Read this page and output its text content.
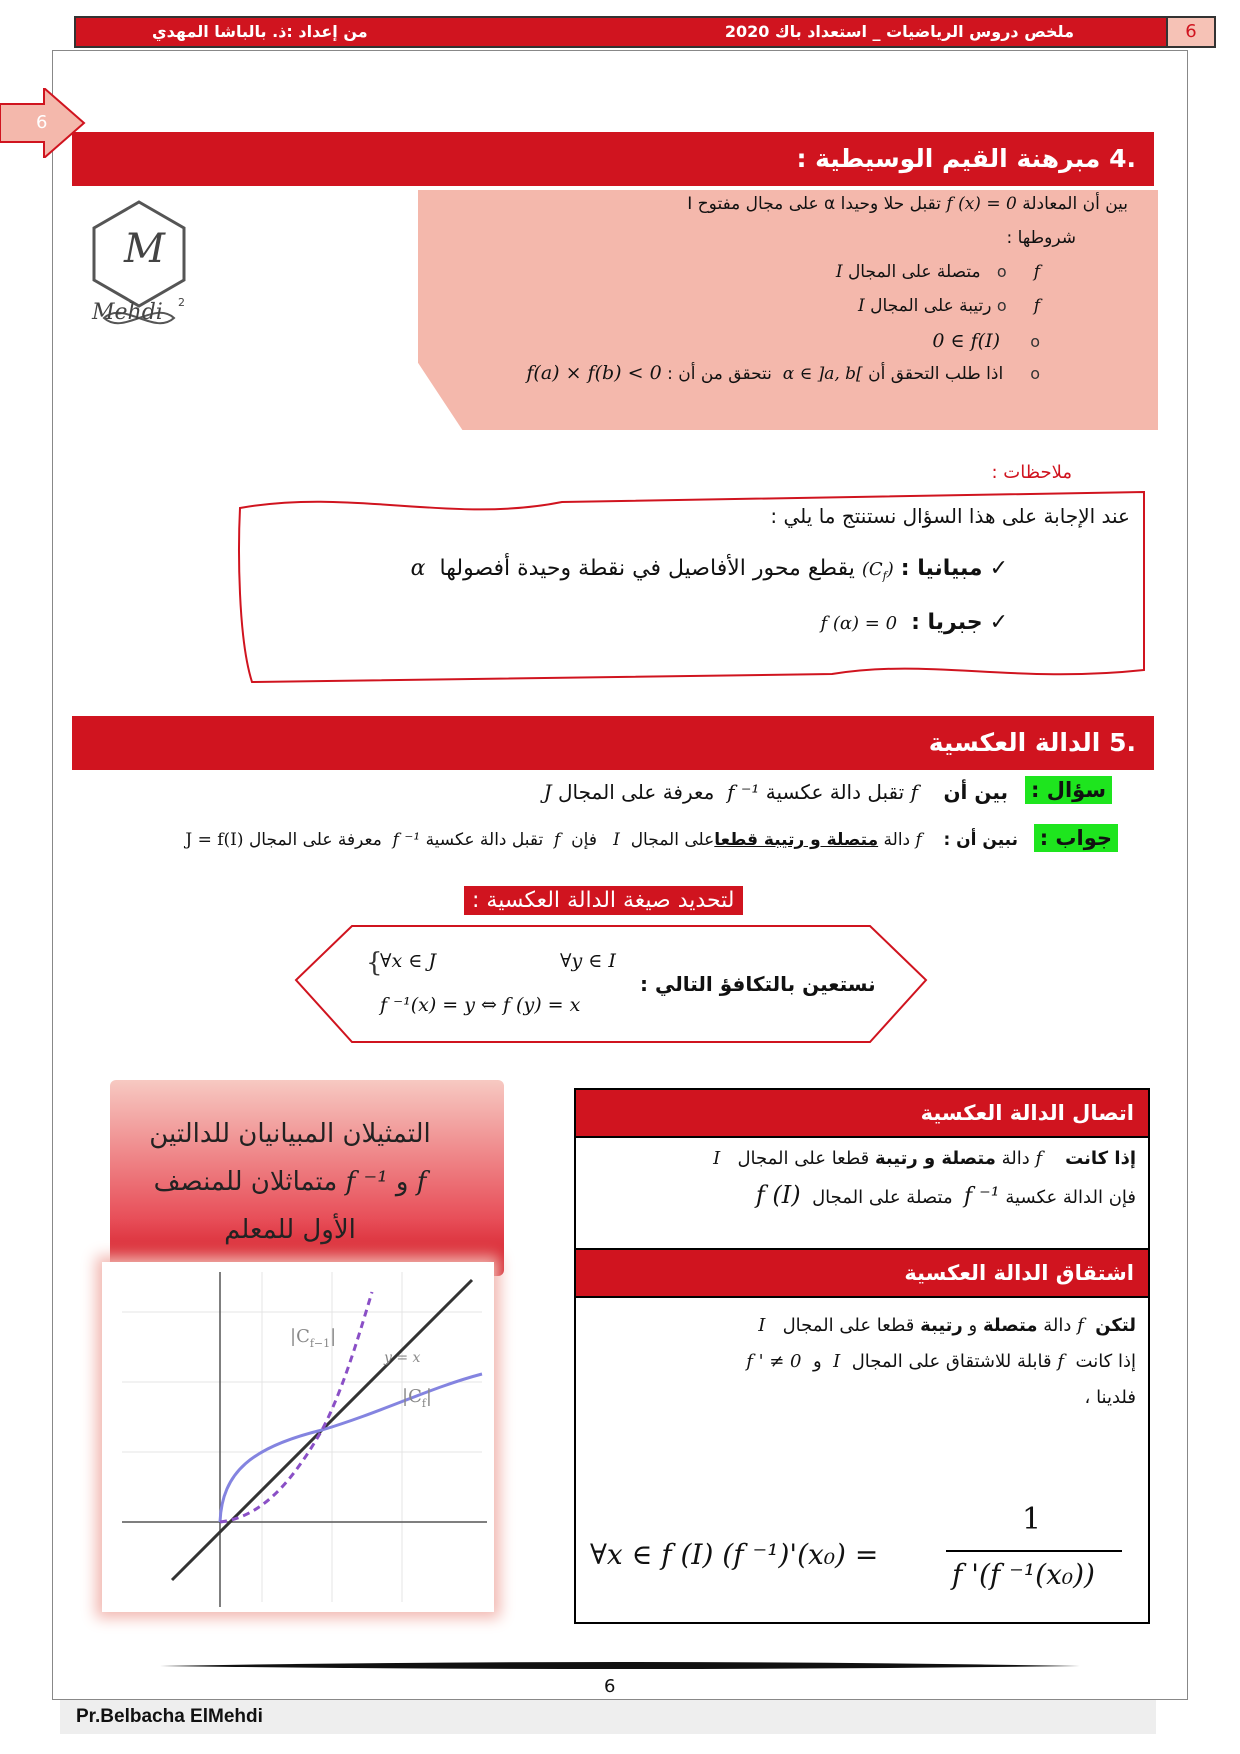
ملخص دروس الرياضيات _ استعداد باك 2020
من إعداد :ذ. بالباشا المهدي	6
6
.4 مبرهنة القيم الوسيطية :
M
Mehdi 2
بين أن المعادلة f (x) = 0 تقبل حلا وحيدا α على مجال مفتوح I
شروطها :
o f   متصلة على المجال I
o f رتيبة على المجال I
o     0 ∈ f(I)
o     اذا طلب التحقق أن α ∈ ]a, b[  نتحقق من أن : f(a) × f(b) < 0
ملاحظات :
عند الإجابة على هذا السؤال نستنتج ما يلي :
✓ مبيانيا : $(C_f)$ يقطع محور الأفاصيل في نقطة وحيدة أفصولها  α
✓ جبريا :  f (α) = 0
.5 الدالة العكسية
سؤال :
بين أن    f تقبل دالة عكسية f ⁻¹  معرفة على المجال J
جواب :
نبين أن :    f دالة متصلة و رتيبة قطعاعلى المجال  I   فإن  f  تقبل دالة عكسية f ⁻¹  معرفة على المجال J = f(I)
لتحديد صيغة الدالة العكسية :
نستعين بالتكافؤ التالي :
{
∀x ∈ J	∀y ∈ I
f ⁻¹(x) = y ⇔ f (y) = x
التمثيلان المبيانيان للدالتين
f و f ⁻¹ متماثلان للمنصف
الأول للمعلم
$|C_{f-1}|$
y = x
$|C_f|$
اتصال الدالة العكسية
إذا كانت    f دالة متصلة و رتيبة قطعا على المجال   I
فإن الدالة عكسية f ⁻¹  متصلة على المجال  f (I)
اشتقاق الدالة العكسية
لتكن  f دالة متصلة و رتيبة قطعا على المجال   I
إذا كانت  f قابلة للاشتقاق على المجال  I  و  f ' ≠ 0
فلدينا ،
∀x ∈ f (I) (f ⁻¹)'(x₀) =
1
f '(f ⁻¹(x₀))
6
Pr.Belbacha ElMehdi
